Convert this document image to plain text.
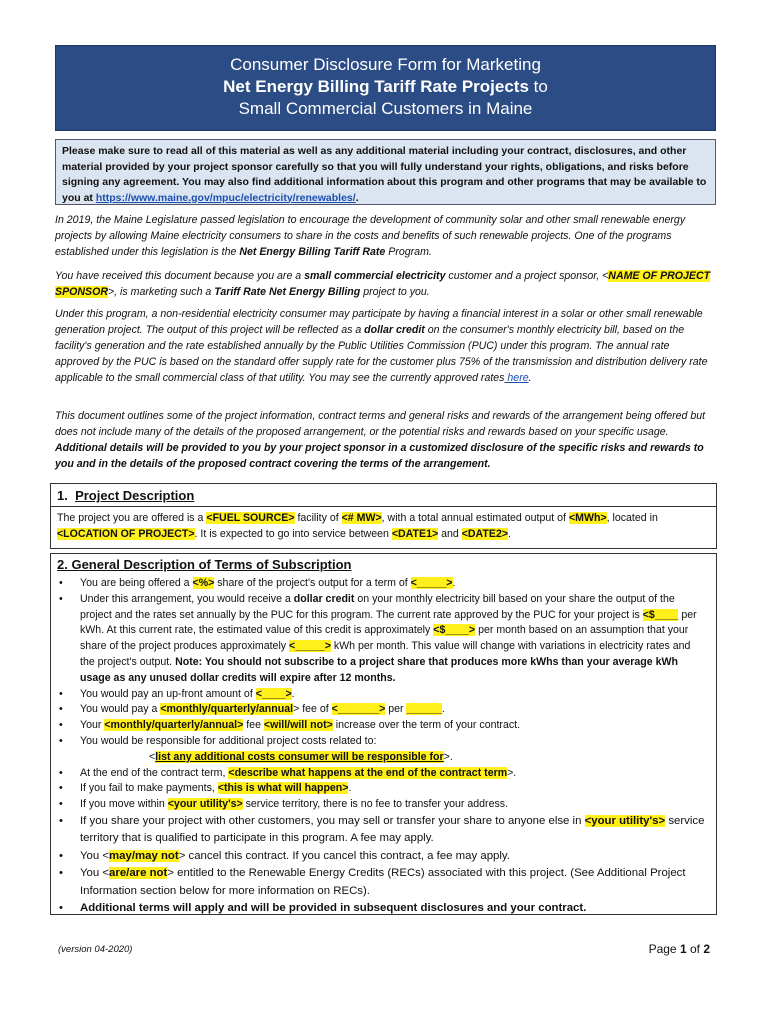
Consumer Disclosure Form for Marketing
Net Energy Billing Tariff Rate Projects to
Small Commercial Customers in Maine
Please make sure to read all of this material as well as any additional material including your contract, disclosures, and other material provided by your project sponsor carefully so that you will fully understand your rights, obligations, and risks before signing any agreement. You may also find additional information about this program and other programs that may be available to you at https://www.maine.gov/mpuc/electricity/renewables/.
In 2019, the Maine Legislature passed legislation to encourage the development of community solar and other small renewable energy projects by allowing Maine electricity consumers to share in the costs and benefits of such renewable projects. One of the programs established under this legislation is the Net Energy Billing Tariff Rate Program.
You have received this document because you are a small commercial electricity customer and a project sponsor, <NAME OF PROJECT SPONSOR>, is marketing such a Tariff Rate Net Energy Billing project to you.
Under this program, a non-residential electricity consumer may participate by having a financial interest in a solar or other small renewable generation project. The output of this project will be reflected as a dollar credit on the consumer's monthly electricity bill, based on the facility's generation and the rate established annually by the Public Utilities Commission (PUC) under this program. The annual rate approved by the PUC is based on the standard offer supply rate for the customer plus 75% of the transmission and distribution delivery rate applicable to the small commercial class of that utility. You may see the currently approved rates here.
This document outlines some of the project information, contract terms and general risks and rewards of the arrangement being offered but does not include many of the details of the proposed arrangement, or the potential risks and rewards based on your specific usage. Additional details will be provided to you by your project sponsor in a customized disclosure of the specific risks and rewards to you and in the details of the proposed contract covering the terms of the arrangement.
1. Project Description
The project you are offered is a <FUEL SOURCE> facility of <# MW>, with a total annual estimated output of <MWh>, located in <LOCATION OF PROJECT>. It is expected to go into service between <DATE1> and <DATE2>.
2. General Description of Terms of Subscription
• You are being offered a <%> share of the project's output for a term of <_____>.
• Under this arrangement, you would receive a dollar credit on your monthly electricity bill based on your share the output of the project and the rates set annually by the PUC for this program. The current rate approved by the PUC for your project is <$____ per kWh. At this current rate, the estimated value of this credit is approximately <$____> per month based on an assumption that your share of the project produces approximately <_____> kWh per month. This value will change with variations in electricity rates and the project's output. Note: You should not subscribe to a project share that produces more kWhs than your average kWh usage as any unused dollar credits will expire after 12 months.
• You would pay an up-front amount of <____>.
• You would pay a <monthly/quarterly/annual> fee of <_______> per ______.
• Your <monthly/quarterly/annual> fee <will/will not> increase over the term of your contract.
• You would be responsible for additional project costs related to:
<list any additional costs consumer will be responsible for>.
• At the end of the contract term, <describe what happens at the end of the contract term>.
• If you fail to make payments, <this is what will happen>.
• If you move within <your utility's> service territory, there is no fee to transfer your address.
• If you share your project with other customers, you may sell or transfer your share to anyone else in <your utility's> service territory that is qualified to participate in this program. A fee may apply.
• You <may/may not> cancel this contract. If you cancel this contract, a fee may apply.
• You <are/are not> entitled to the Renewable Energy Credits (RECs) associated with this project. (See Additional Project Information section below for more information on RECs).
• Additional terms will apply and will be provided in subsequent disclosures and your contract.
(version 04-2020)	Page 1 of 2
